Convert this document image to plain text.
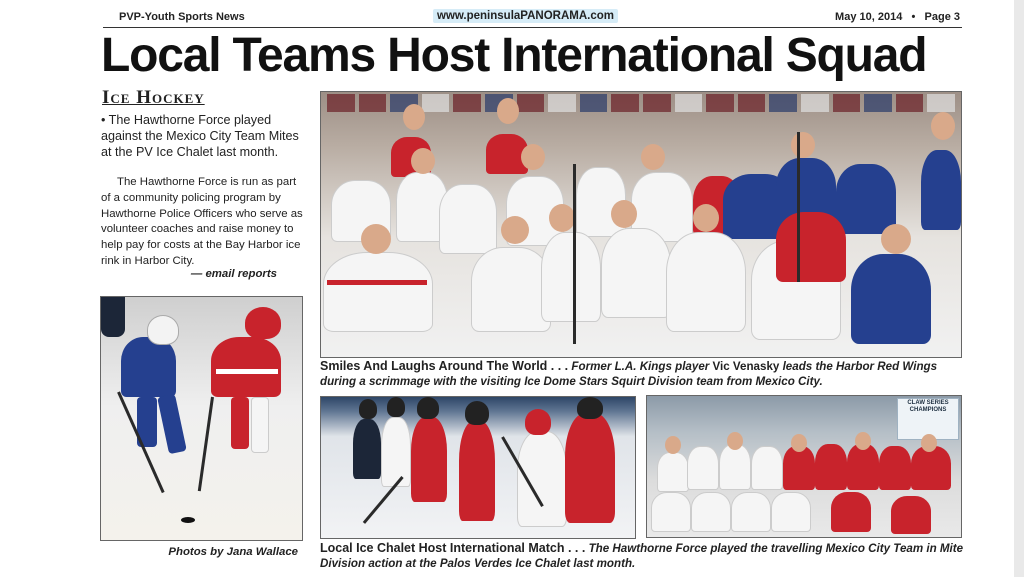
PVP-Youth Sports News	www.peninsulaPANORAMA.com	May 10, 2014 • Page 3
Local Teams Host International Squad
Ice Hockey
• The Hawthorne Force played against the Mexico City Team Mites at the PV Ice Chalet last month.
The Hawthorne Force is run as part of a community policing program by Hawthorne Police Officers who serve as volunteer coaches and raise money to help pay for costs at the Bay Harbor ice rink in Harbor City.
— email reports
Smiles And Laughs Around The World . . . Former L.A. Kings player Vic Venasky leads the Harbor Red Wings during a scrimmage with the visiting Ice Dome Stars Squirt Division team from Mexico City.
CLAW SERIES CHAMPIONS
Photos by Jana Wallace Local Ice Chalet Host International Match . . . The Hawthorne Force played the travelling Mexico City Team in Mite Division action at the Palos Verdes Ice Chalet last month.
